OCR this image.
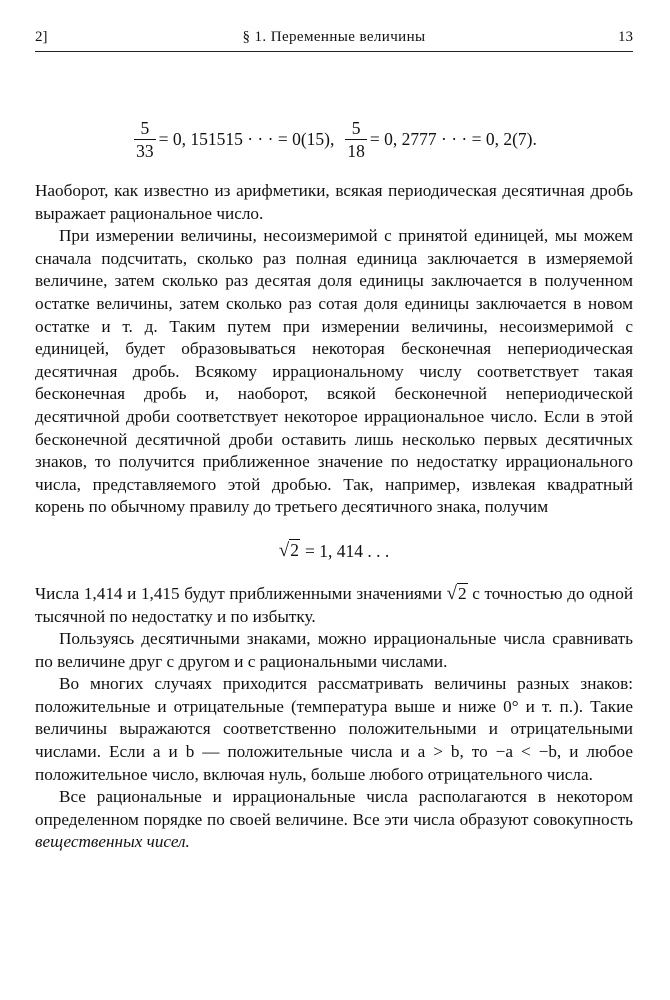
2]	§ 1. Переменные величины	13
$\frac{5}{33} = 0$, 151515 · · · = 0(15), $\frac{5}{18} = 0$, 2777 · · · = 0, 2(7).

Наоборот, как известно из арифметики, всякая периодическая десятичная дробь выражает рациональное число.

При измерении величины, несоизмеримой с принятой единицей, мы можем сначала подсчитать, сколько раз полная единица заключается в измеряемой величине, затем сколько раз десятая доля единицы заключается в полученном остатке величины, затем сколько раз сотая доля единицы заключается в новом остатке и т. д. Таким путем при измерении величины, несоизмеримой с единицей, будет образовываться некоторая бесконечная непериодическая десятичная дробь. Всякому иррациональному числу соответствует такая бесконечная дробь и, наоборот, всякой бесконечной непериодической десятичной дроби соответствует некоторое иррациональное число. Если в этой бесконечной десятичной дроби оставить лишь несколько первых десятичных знаков, то получится приближенное значение по недостатку иррационального числа, представляемого этой дробью. Так, например, извлекая квадратный корень по обычному правилу до третьего десятичного знака, получим

√2 = 1, 414 . . .

Числа 1,414 и 1,415 будут приближенными значениями √2 с точностью до одной тысячной по недостатку и по избытку.

Пользуясь десятичными знаками, можно иррациональные числа сравнивать по величине друг с другом и с рациональными числами.

Во многих случаях приходится рассматривать величины разных знаков: положительные и отрицательные (температура выше и ниже 0° и т. п.). Такие величины выражаются соответственно положительными и отрицательными числами. Если a и b — положительные числа и a > b, то −a < −b, и любое положительное число, включая нуль, больше любого отрицательного числа.

Все рациональные и иррациональные числа располагаются в некотором определенном порядке по своей величине. Все эти числа образуют совокупность вещественных чисел.
